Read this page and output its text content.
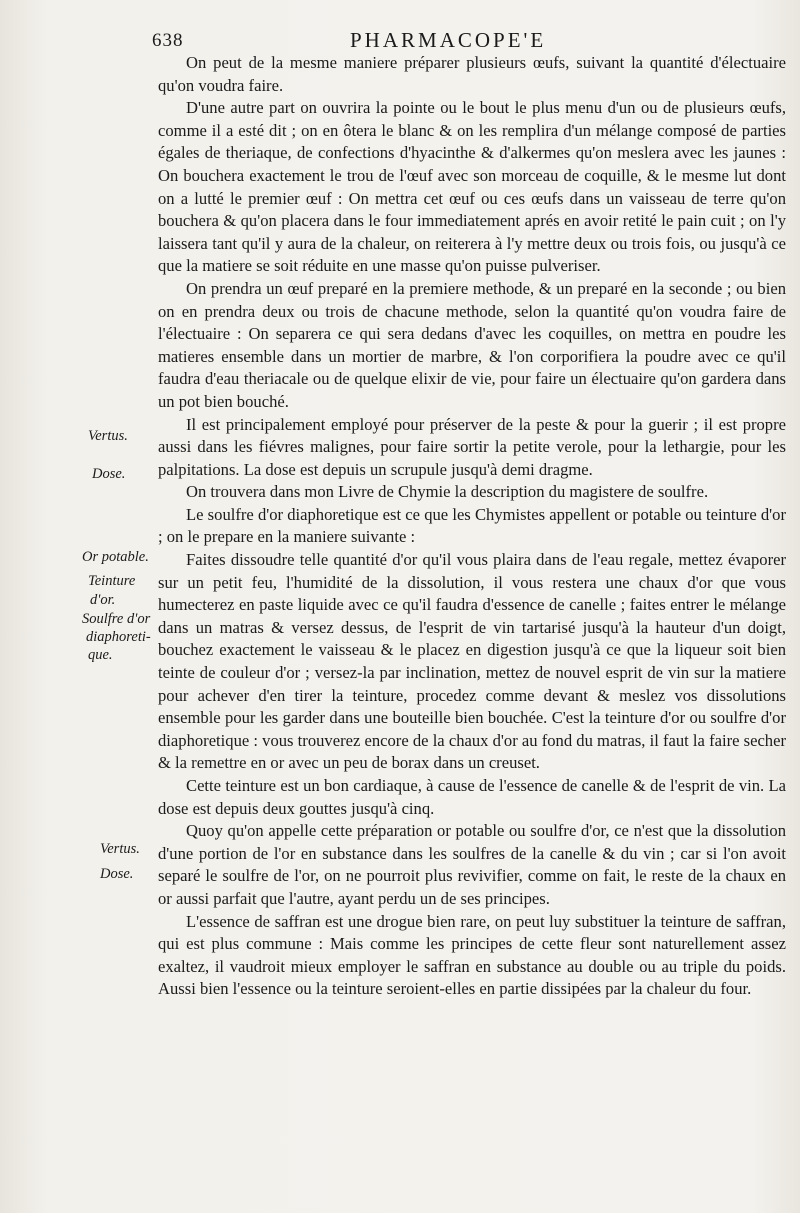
638	PHARMACOPE'E
Vertus.
Dose.
Or potable.
Teinture
d'or.
Soulfre d'or
diaphoreti-
que.
Vertus.
Dose.

On peut de la mesme maniere préparer plusieurs œufs, suivant la quantité d'électuaire qu'on voudra faire.

D'une autre part on ouvrira la pointe ou le bout le plus menu d'un ou de plusieurs œufs, comme il a esté dit ; on en ôtera le blanc & on les remplira d'un mélange composé de parties égales de theriaque, de confections d'hyacinthe & d'alkermes qu'on meslera avec les jaunes : On bouchera exactement le trou de l'œuf avec son morceau de coquille, & le mesme lut dont on a lutté le premier œuf : On mettra cet œuf ou ces œufs dans un vaisseau de terre qu'on bouchera & qu'on placera dans le four immediatement aprés en avoir retité le pain cuit ; on l'y laissera tant qu'il y aura de la chaleur, on reiterera à l'y mettre deux ou trois fois, ou jusqu'à ce que la matiere se soit réduite en une masse qu'on puisse pulveriser.

On prendra un œuf preparé en la premiere methode, & un preparé en la seconde ; ou bien on en prendra deux ou trois de chacune methode, selon la quantité qu'on voudra faire de l'électuaire : On separera ce qui sera dedans d'avec les coquilles, on mettra en poudre les matieres ensemble dans un mortier de marbre, & l'on corporifiera la poudre avec ce qu'il faudra d'eau theriacale ou de quelque elixir de vie, pour faire un électuaire qu'on gardera dans un pot bien bouché.

Il est principalement employé pour préserver de la peste & pour la guerir ; il est propre aussi dans les fiévres malignes, pour faire sortir la petite verole, pour la lethargie, pour les palpitations. La dose est depuis un scrupule jusqu'à demi dragme.

On trouvera dans mon Livre de Chymie la description du magistere de soulfre.

Le soulfre d'or diaphoretique est ce que les Chymistes appellent or potable ou teinture d'or ; on le prepare en la maniere suivante :

Faites dissoudre telle quantité d'or qu'il vous plaira dans de l'eau regale, mettez évaporer sur un petit feu, l'humidité de la dissolution, il vous restera une chaux d'or que vous humecterez en paste liquide avec ce qu'il faudra d'essence de canelle ; faites entrer le mélange dans un matras & versez dessus, de l'esprit de vin tartarisé jusqu'à la hauteur d'un doigt, bouchez exactement le vaisseau & le placez en digestion jusqu'à ce que la liqueur soit bien teinte de couleur d'or ; versez-la par inclination, mettez de nouvel esprit de vin sur la matiere pour achever d'en tirer la teinture, procedez comme devant & meslez vos dissolutions ensemble pour les garder dans une bouteille bien bouchée. C'est la teinture d'or ou soulfre d'or diaphoretique : vous trouverez encore de la chaux d'or au fond du matras, il faut la faire secher & la remettre en or avec un peu de borax dans un creuset.

Cette teinture est un bon cardiaque, à cause de l'essence de canelle & de l'esprit de vin. La dose est depuis deux gouttes jusqu'à cinq.

Quoy qu'on appelle cette préparation or potable ou soulfre d'or, ce n'est que la dissolution d'une portion de l'or en substance dans les soulfres de la canelle & du vin ; car si l'on avoit separé le soulfre de l'or, on ne pourroit plus revivifier, comme on fait, le reste de la chaux en or aussi parfait que l'autre, ayant perdu un de ses principes.

L'essence de saffran est une drogue bien rare, on peut luy substituer la teinture de saffran, qui est plus commune : Mais comme les principes de cette fleur sont naturellement assez exaltez, il vaudroit mieux employer le saffran en substance au double ou au triple du poids. Aussi bien l'essence ou la teinture seroient-elles en partie dissipées par la chaleur du four.
